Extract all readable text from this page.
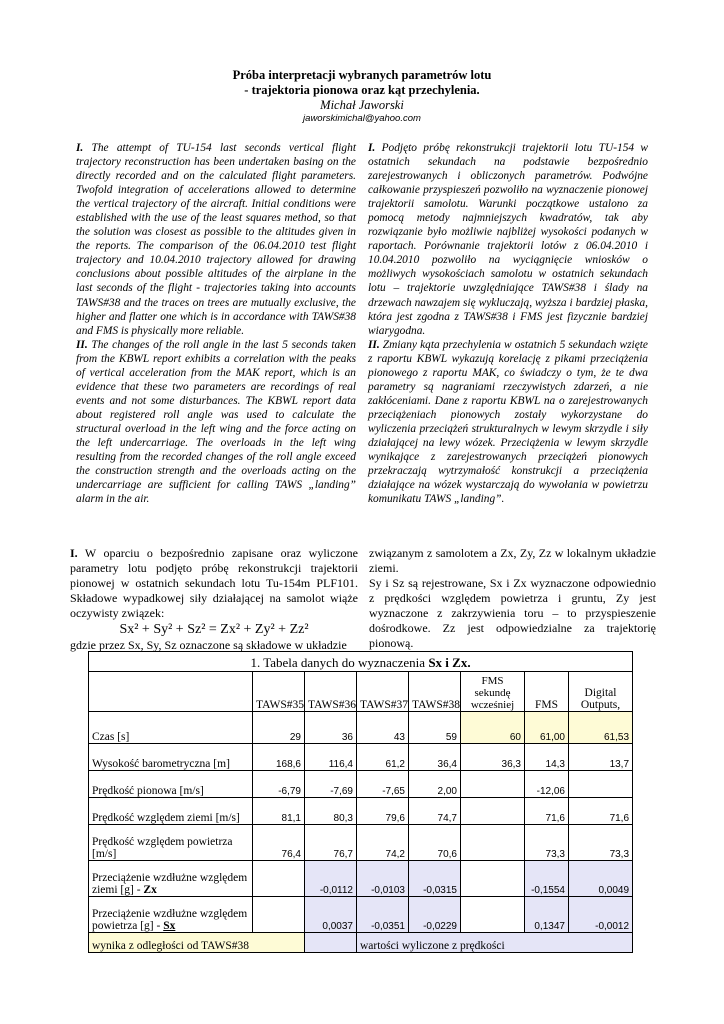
Próba interpretacji wybranych parametrów lotu
- trajektoria pionowa oraz kąt przechylenia.
Michał Jaworski
jaworskimichal@yahoo.com

I. The attempt of TU-154 last seconds vertical flight trajectory reconstruction has been undertaken basing on the directly recorded and on the calculated flight parameters. Twofold integration of accelerations allowed to determine the vertical trajectory of the aircraft. Initial conditions were established with the use of the least squares method, so that the solution was closest as possible to the altitudes given in the reports. The comparison of the 06.04.2010 test flight trajectory and 10.04.2010 trajectory allowed for drawing conclusions about possible altitudes of the airplane in the last seconds of the flight - trajectories taking into accounts TAWS#38 and the traces on trees are mutually exclusive, the higher and flatter one which is in accordance with TAWS#38 and FMS is physically more reliable.

II. The changes of the roll angle in the last 5 seconds taken from the KBWL report exhibits a correlation with the peaks of vertical acceleration from the MAK report, which is an evidence that these two parameters are recordings of real events and not some disturbances. The KBWL report data about registered roll angle was used to calculate the structural overload in the left wing and the force acting on the left undercarriage. The overloads in the left wing resulting from the recorded changes of the roll angle exceed the construction strength and the overloads acting on the undercarriage are sufficient for calling TAWS „landing” alarm in the air.

I. Podjęto próbę rekonstrukcji trajektorii lotu TU-154 w ostatnich sekundach na podstawie bezpośrednio zarejestrowanych i obliczonych parametrów. Podwójne całkowanie przyspieszeń pozwoliło na wyznaczenie pionowej trajektorii samolotu. Warunki początkowe ustalono za pomocą metody najmniejszych kwadratów, tak aby rozwiązanie było możliwie najbliżej wysokości podanych w raportach. Porównanie trajektorii lotów z 06.04.2010 i 10.04.2010 pozwoliło na wyciągnięcie wniosków o możliwych wysokościach samolotu w ostatnich sekundach lotu – trajektorie uwzględniające TAWS#38 i ślady na drzewach nawzajem się wykluczają, wyższa i bardziej płaska, która jest zgodna z TAWS#38 i FMS jest fizycznie bardziej wiarygodna.

II. Zmiany kąta przechylenia w ostatnich 5 sekundach wzięte z raportu KBWL wykazują korelację z pikami przeciążenia pionowego z raportu MAK, co świadczy o tym, że te dwa parametry są nagraniami rzeczywistych zdarzeń, a nie zakłóceniami. Dane z raportu KBWL na o zarejestrowanych przeciążeniach pionowych zostały wykorzystane do wyliczenia przeciążeń strukturalnych w lewym skrzydle i siły działającej na lewy wózek. Przeciążenia w lewym skrzydle wynikające z zarejestrowanych przeciążeń pionowych przekraczają wytrzymałość konstrukcji a przeciążenia działające na wózek wystarczają do wywołania w powietrzu komunikatu TAWS „landing”.

I. W oparciu o bezpośrednio zapisane oraz wyliczone parametry lotu podjęto próbę rekonstrukcji trajektorii pionowej w ostatnich sekundach lotu Tu-154m PLF101. Składowe wypadkowej siły działającej na samolot wiąże oczywisty związek:

Sx² + Sy² + Sz² = Zx² + Zy² + Zz²

gdzie przez Sx, Sy, Sz oznaczone są składowe w układzie

związanym z samolotem a Zx, Zy, Zz w lokalnym układzie ziemi.

Sy i Sz są rejestrowane, Sx i Zx wyznaczone odpowiednio z prędkości względem powietrza i gruntu, Zy jest wyznaczone z zakrzywienia toru – to przyspieszenie dośrodkowe. Zz jest odpowiedzialne za trajektorię pionową.

1. Tabela danych do wyznaczenia Sx i Zx.							
	TAWS#35	TAWS#36	TAWS#37	TAWS#38	FMS sekundę wcześniej	FMS	Digital Outputs,
Czas [s]	29	36	43	59	60	61,00	61,53
Wysokość barometryczna [m]	168,6	116,4	61,2	36,4	36,3	14,3	13,7
Prędkość pionowa [m/s]	-6,79	-7,69	-7,65	2,00		-12,06	
Prędkość względem ziemi [m/s]	81,1	80,3	79,6	74,7		71,6	71,6
Prędkość względem powietrza [m/s]	76,4	76,7	74,2	70,6		73,3	73,3
Przeciążenie wzdłużne względem ziemi [g] - Zx		-0,0112	-0,0103	-0,0315		-0,1554	0,0049
Przeciążenie wzdłużne względem powietrza [g] - Sx		0,0037	-0,0351	-0,0229		0,1347	-0,0012
wynika z odległości od TAWS#38			wartości wyliczone z prędkości				
